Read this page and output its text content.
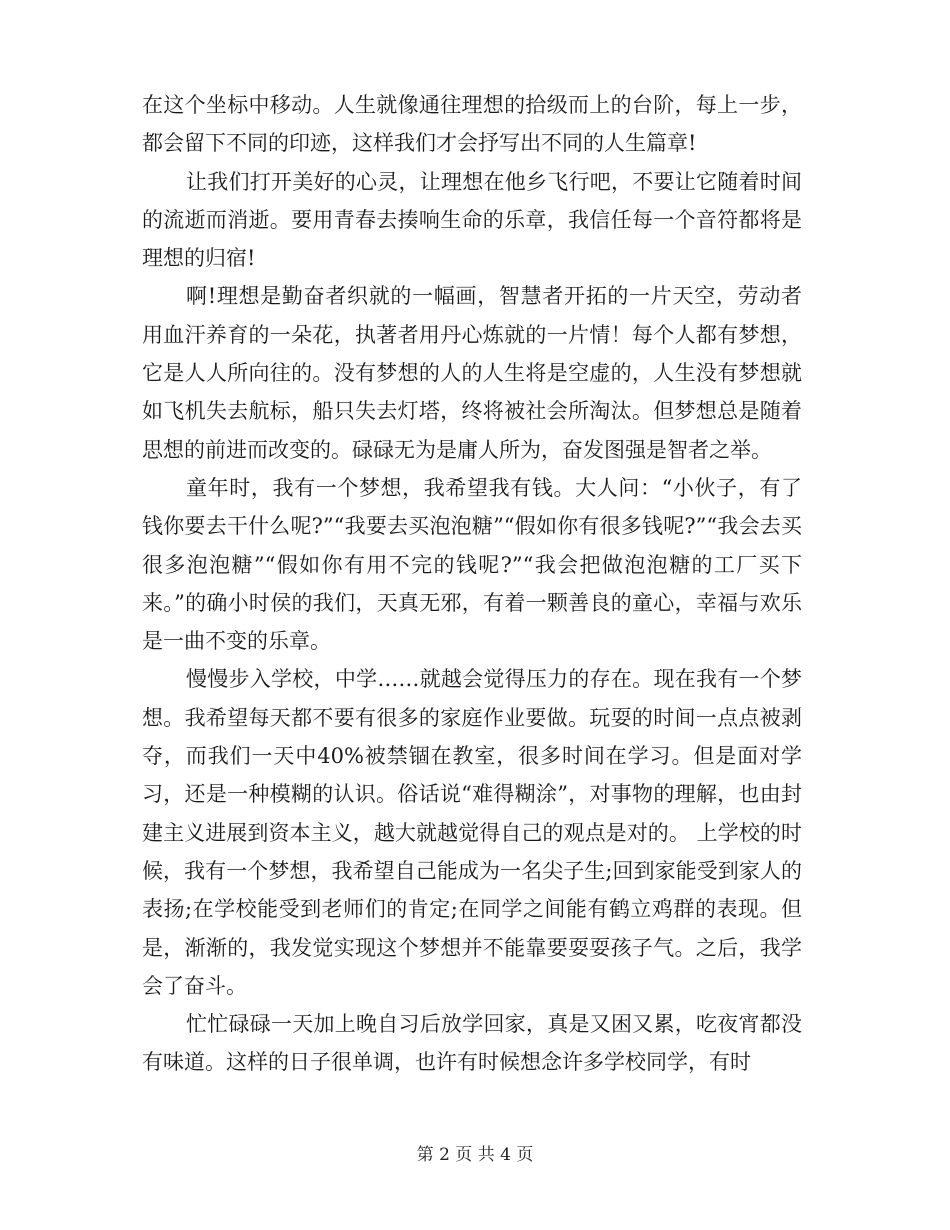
在这个坐标中移动。人生就像通往理想的拾级而上的台阶，每上一步，都会留下不同的印迹，这样我们才会抒写出不同的人生篇章!

让我们打开美好的心灵，让理想在他乡飞行吧，不要让它随着时间的流逝而消逝。要用青春去揍响生命的乐章，我信任每一个音符都将是理想的归宿!

啊!理想是勤奋者织就的一幅画，智慧者开拓的一片天空，劳动者用血汗养育的一朵花，执著者用丹心炼就的一片情！每个人都有梦想，它是人人所向往的。没有梦想的人的人生将是空虚的，人生没有梦想就如飞机失去航标，船只失去灯塔，终将被社会所淘汰。但梦想总是随着思想的前进而改变的。碌碌无为是庸人所为，奋发图强是智者之举。

童年时，我有一个梦想，我希望我有钱。大人问：“小伙子，有了钱你要去干什么呢?”“我要去买泡泡糖”“假如你有很多钱呢?”“我会去买很多泡泡糖”“假如你有用不完的钱呢?”“我会把做泡泡糖的工厂买下来。”的确小时侯的我们，天真无邪，有着一颗善良的童心，幸福与欢乐是一曲不变的乐章。

慢慢步入学校，中学……就越会觉得压力的存在。现在我有一个梦想。我希望每天都不要有很多的家庭作业要做。玩耍的时间一点点被剥夺，而我们一天中40%被禁锢在教室，很多时间在学习。但是面对学习，还是一种模糊的认识。俗话说“难得糊涂”，对事物的理解，也由封建主义进展到资本主义，越大就越觉得自己的观点是对的。 上学校的时候，我有一个梦想，我希望自己能成为一名尖子生;回到家能受到家人的表扬;在学校能受到老师们的肯定;在同学之间能有鹤立鸡群的表现。但是，渐渐的，我发觉实现这个梦想并不能靠要耍耍孩子气。之后，我学会了奋斗。

忙忙碌碌一天加上晚自习后放学回家，真是又困又累，吃夜宵都没有味道。这样的日子很单调，也许有时候想念许多学校同学，有时

第 2 页 共 4 页
